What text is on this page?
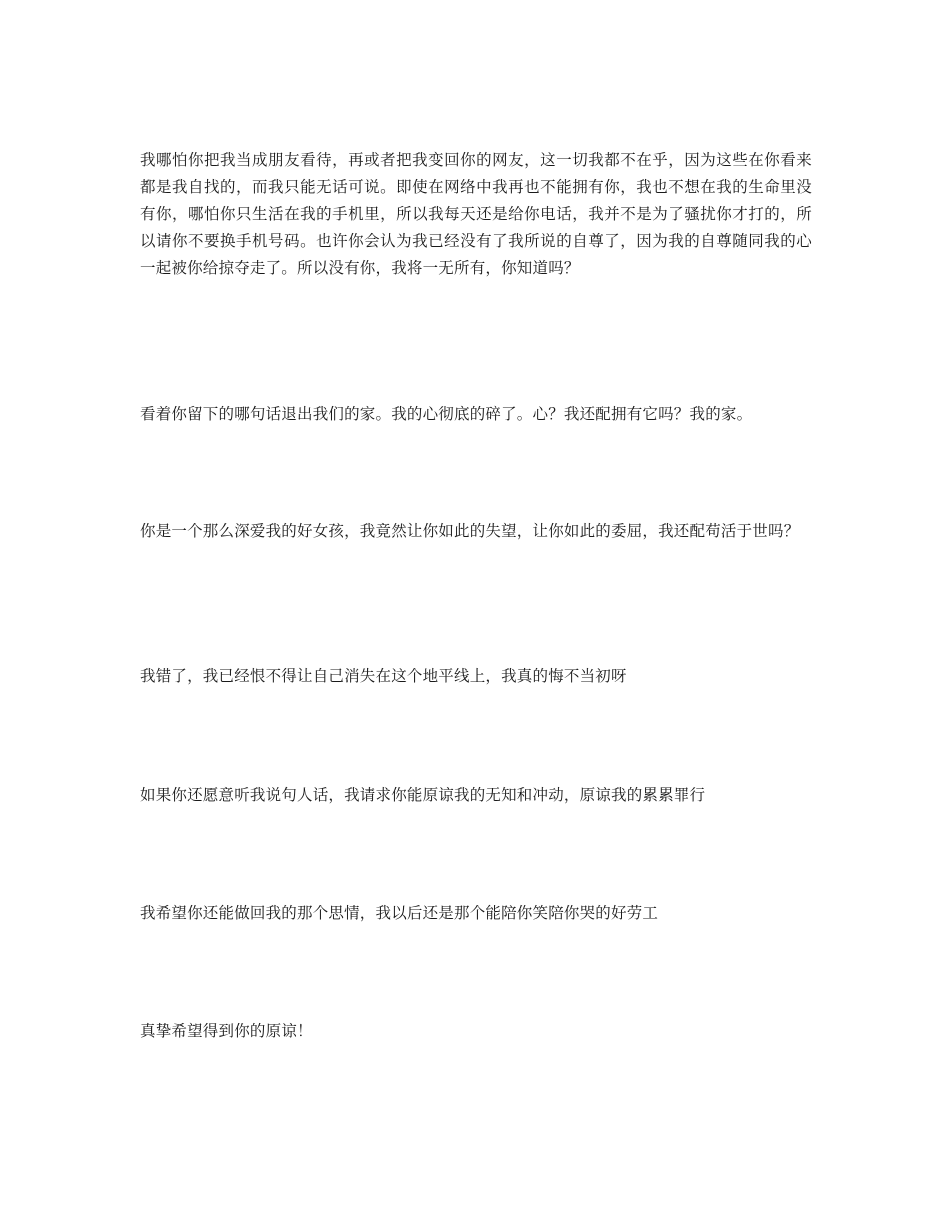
我哪怕你把我当成朋友看待，再或者把我变回你的网友，这一切我都不在乎，因为这些在你看来都是我自找的，而我只能无话可说。即使在网络中我再也不能拥有你，我也不想在我的生命里没有你，哪怕你只生活在我的手机里，所以我每天还是给你电话，我并不是为了骚扰你才打的，所以请你不要换手机号码。也许你会认为我已经没有了我所说的自尊了，因为我的自尊随同我的心一起被你给掠夺走了。所以没有你，我将一无所有，你知道吗？

看着你留下的哪句话退出我们的家。我的心彻底的碎了。心？我还配拥有它吗？我的家。

你是一个那么深爱我的好女孩，我竟然让你如此的失望，让你如此的委屈，我还配苟活于世吗？

我错了，我已经恨不得让自己消失在这个地平线上，我真的悔不当初呀

如果你还愿意听我说句人话，我请求你能原谅我的无知和冲动，原谅我的累累罪行

我希望你还能做回我的那个思情，我以后还是那个能陪你笑陪你哭的好劳工

真挚希望得到你的原谅！
